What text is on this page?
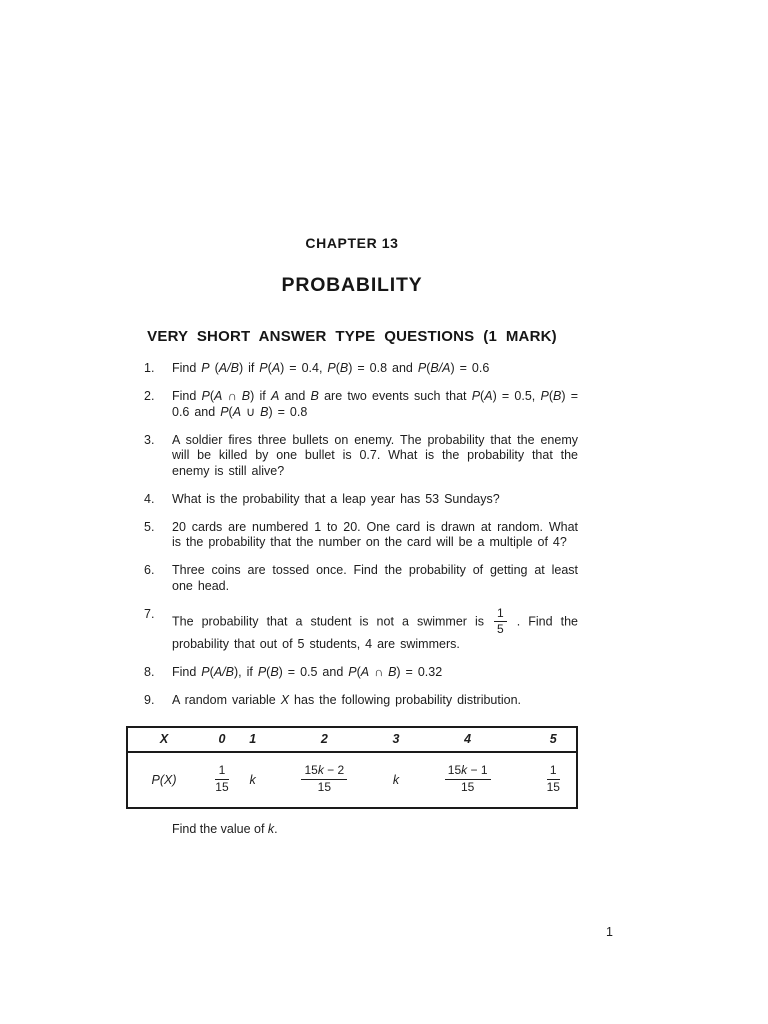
CHAPTER 13
PROBABILITY
VERY SHORT ANSWER TYPE QUESTIONS (1 MARK)
1.	Find P (A/B) if P(A) = 0.4, P(B) = 0.8 and P(B/A) = 0.6
2.	Find P(A ∩ B) if A and B are two events such that P(A) = 0.5, P(B) = 0.6 and P(A ∪ B) = 0.8
3.	A soldier fires three bullets on enemy. The probability that the enemy will be killed by one bullet is 0.7. What is the probability that the enemy is still alive?
4.	What is the probability that a leap year has 53 Sundays?
5.	20 cards are numbered 1 to 20. One card is drawn at random. What is the probability that the number on the card will be a multiple of 4?
6.	Three coins are tossed once. Find the probability of getting at least one head.
7.
The probability that a student is not a swimmer is $\frac{1}{5}$ . Find the probability that out of 5 students, 4 are swimmers.
8.	Find P(A/B), if P(B) = 0.5 and P(A ∩ B) = 0.32
9.	A random variable X has the following probability distribution.
X	0	1	2	3	4	5
P(X)	$\frac{1}{15}$	k	$\frac{15k - 2}{15}$	k	$\frac{15k - 1}{15}$	$\frac{1}{15}$
Find the value of k.
1
